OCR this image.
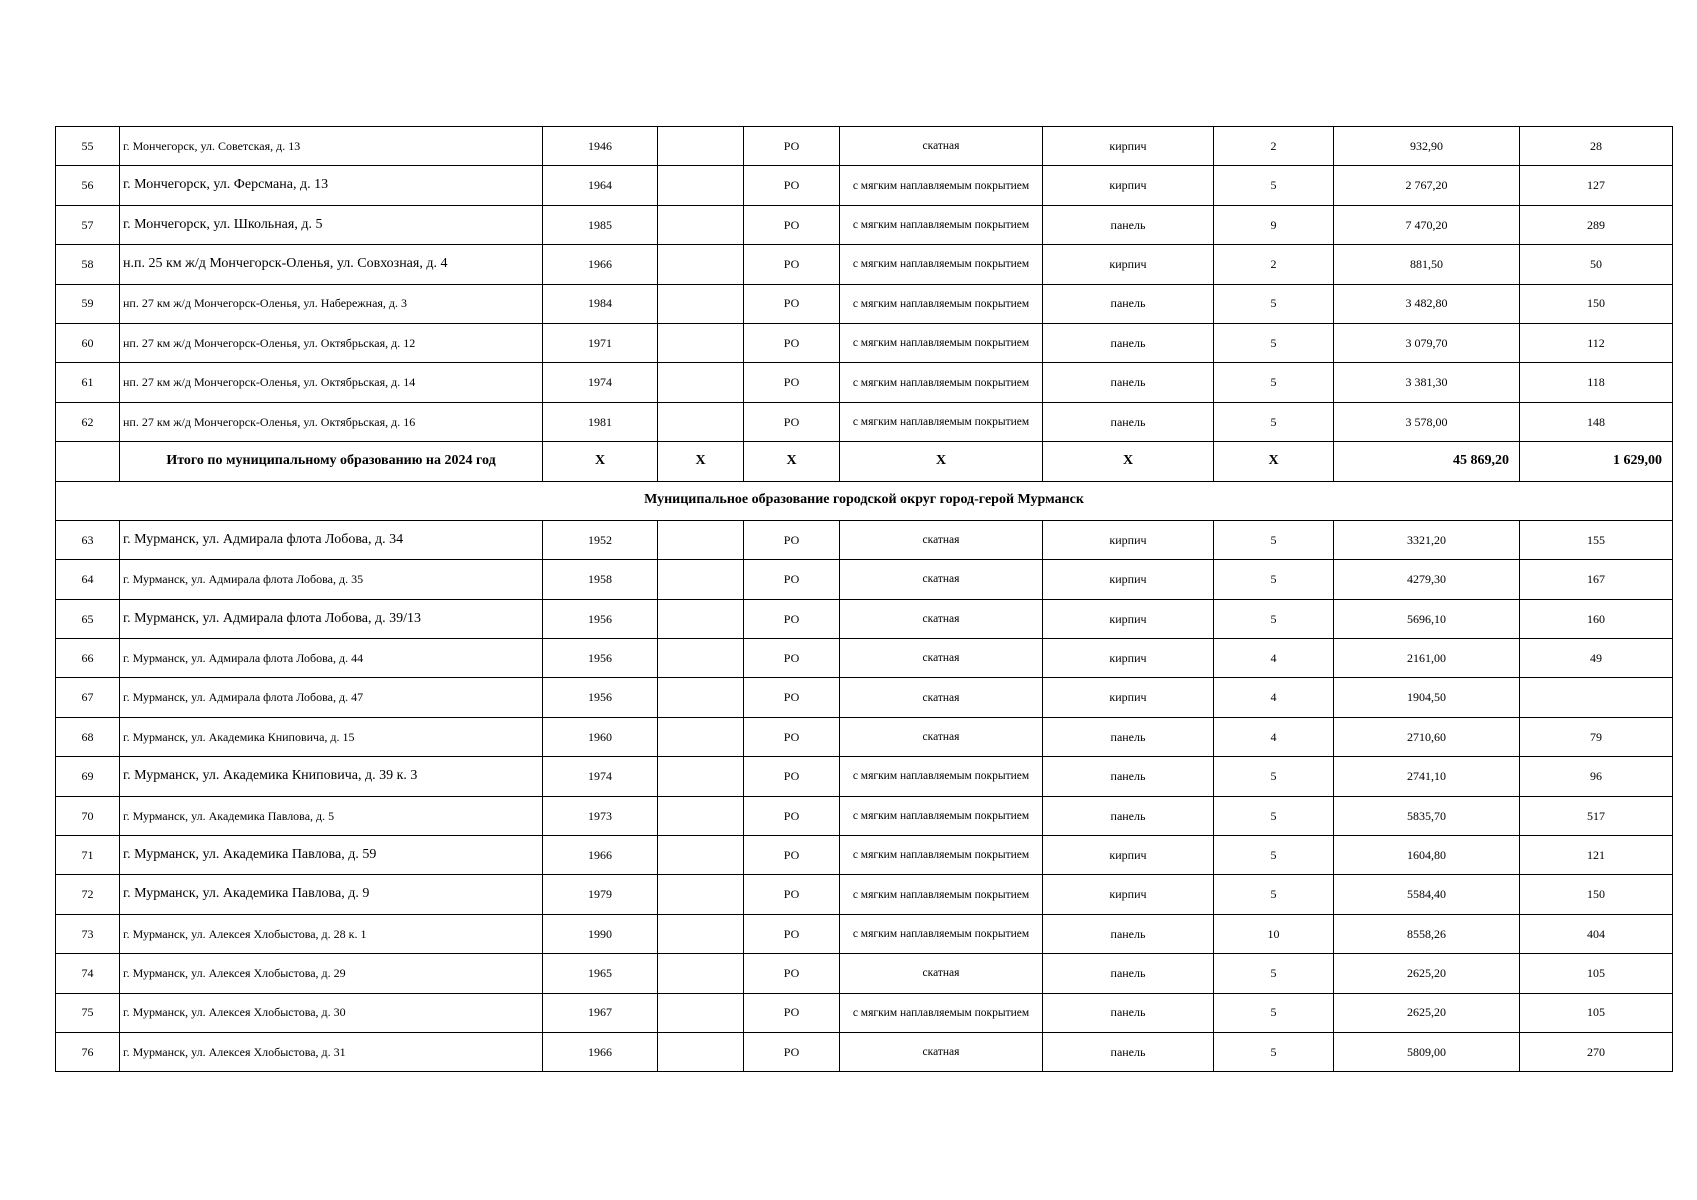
55	г. Мончегорск, ул. Советская, д. 13	1946		РО	скатная	кирпич	2	932,90	28
56	г. Мончегорск, ул. Ферсмана, д. 13	1964		РО	с мягким наплавляемым покрытием	кирпич	5	2 767,20	127
57	г. Мончегорск, ул. Школьная, д. 5	1985		РО	с мягким наплавляемым покрытием	панель	9	7 470,20	289
58	н.п. 25 км ж/д Мончегорск-Оленья, ул. Совхозная, д. 4	1966		РО	с мягким наплавляемым покрытием	кирпич	2	881,50	50
59	нп. 27 км ж/д Мончегорск-Оленья, ул. Набережная, д. 3	1984		РО	с мягким наплавляемым покрытием	панель	5	3 482,80	150
60	нп. 27 км ж/д Мончегорск-Оленья, ул. Октябрьская, д. 12	1971		РО	с мягким наплавляемым покрытием	панель	5	3 079,70	112
61	нп. 27 км ж/д Мончегорск-Оленья, ул. Октябрьская, д. 14	1974		РО	с мягким наплавляемым покрытием	панель	5	3 381,30	118
62	нп. 27 км ж/д Мончегорск-Оленья, ул. Октябрьская, д. 16	1981		РО	с мягким наплавляемым покрытием	панель	5	3 578,00	148
	Итого по муниципальному образованию на 2024 год	X	X	X	X	X	X	45 869,20	1 629,00
Муниципальное образование городской округ город-герой Мурманск									
63	г. Мурманск, ул. Адмирала флота Лобова, д. 34	1952		РО	скатная	кирпич	5	3321,20	155
64	г. Мурманск, ул. Адмирала флота Лобова, д. 35	1958		РО	скатная	кирпич	5	4279,30	167
65	г. Мурманск, ул. Адмирала флота Лобова, д. 39/13	1956		РО	скатная	кирпич	5	5696,10	160
66	г. Мурманск, ул. Адмирала флота Лобова, д. 44	1956		РО	скатная	кирпич	4	2161,00	49
67	г. Мурманск, ул. Адмирала флота Лобова, д. 47	1956		РО	скатная	кирпич	4	1904,50	
68	г. Мурманск, ул. Академика Книповича, д. 15	1960		РО	скатная	панель	4	2710,60	79
69	г. Мурманск, ул. Академика Книповича, д. 39 к. 3	1974		РО	с мягким наплавляемым покрытием	панель	5	2741,10	96
70	г. Мурманск, ул. Академика Павлова, д. 5	1973		РО	с мягким наплавляемым покрытием	панель	5	5835,70	517
71	г. Мурманск, ул. Академика Павлова, д. 59	1966		РО	с мягким наплавляемым покрытием	кирпич	5	1604,80	121
72	г. Мурманск, ул. Академика Павлова, д. 9	1979		РО	с мягким наплавляемым покрытием	кирпич	5	5584,40	150
73	г. Мурманск, ул. Алексея Хлобыстова, д. 28 к. 1	1990		РО	с мягким наплавляемым покрытием	панель	10	8558,26	404
74	г. Мурманск, ул. Алексея Хлобыстова, д. 29	1965		РО	скатная	панель	5	2625,20	105
75	г. Мурманск, ул. Алексея Хлобыстова, д. 30	1967		РО	с мягким наплавляемым покрытием	панель	5	2625,20	105
76	г. Мурманск, ул. Алексея Хлобыстова, д. 31	1966		РО	скатная	панель	5	5809,00	270
